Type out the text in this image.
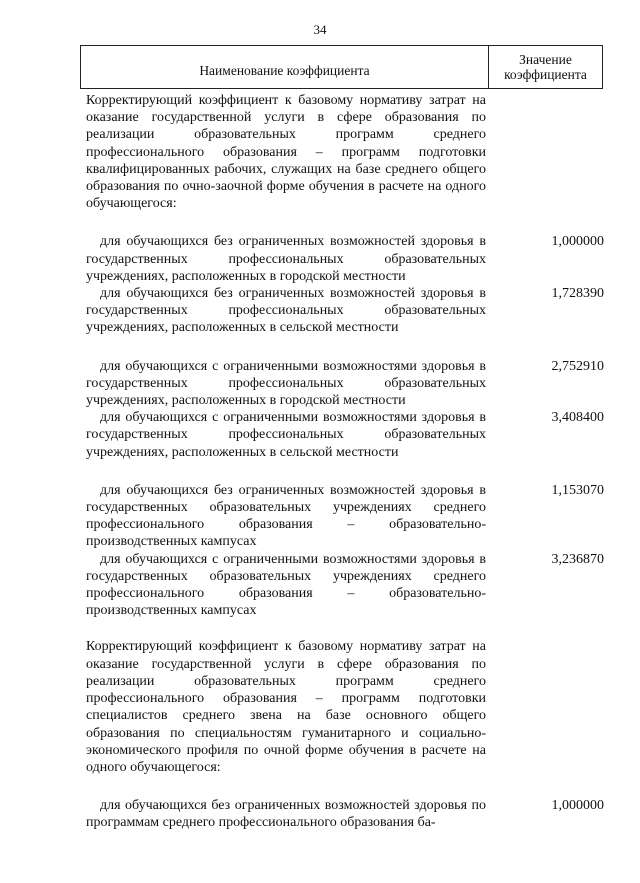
34
Наименование коэффициента
Значение
коэффициента
Корректирующий коэффициент к базовому нормативу затрат на оказание государственной услуги в сфере образования по реализации образовательных программ среднего профессионального образования – программ подготовки квалифицированных рабочих, служащих на базе среднего общего образования по очно-заочной форме обучения в расчете на одного обучающегося:
для обучающихся без ограниченных возможностей здоровья в государственных профессиональных образовательных учреждениях, расположенных в городской местности
1,000000
для обучающихся без ограниченных возможностей здоровья в государственных профессиональных образовательных учреждениях, расположенных в сельской местности
1,728390
для обучающихся с ограниченными возможностями здоровья в государственных профессиональных образовательных учреждениях, расположенных в городской местности
2,752910
для обучающихся с ограниченными возможностями здоровья в государственных профессиональных образовательных учреждениях, расположенных в сельской местности
3,408400
для обучающихся без ограниченных возможностей здоровья в государственных образовательных учреждениях среднего профессионального образования – образовательно-производственных кампусах
1,153070
для обучающихся с ограниченными возможностями здоровья в государственных образовательных учреждениях среднего профессионального образования – образовательно-производственных кампусах
3,236870
Корректирующий коэффициент к базовому нормативу затрат на оказание государственной услуги в сфере образования по реализации образовательных программ среднего профессионального образования – программ подготовки специалистов среднего звена на базе основного общего образования по специальностям гуманитарного и социально-экономического профиля по очной форме обучения в расчете на одного обучающегося:
для обучающихся без ограниченных возможностей здоровья по программам среднего профессионального образования ба-
1,000000
